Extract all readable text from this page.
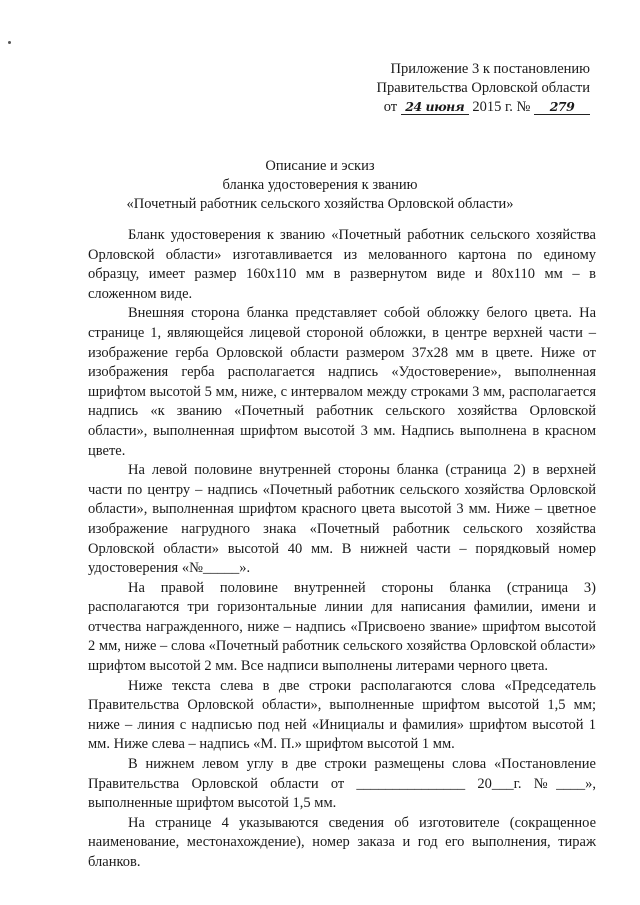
Приложение 3 к постановлению
Правительства Орловской области
от 24 июня 2015 г. № 279
Описание и эскиз
бланка удостоверения к званию
«Почетный работник сельского хозяйства Орловской области»

Бланк удостоверения к званию «Почетный работник сельского хозяйства Орловской области» изготавливается из мелованного картона по единому образцу, имеет размер 160x110 мм в развернутом виде и 80x110 мм – в сложенном виде.

Внешняя сторона бланка представляет собой обложку белого цвета. На странице 1, являющейся лицевой стороной обложки, в центре верхней части – изображение герба Орловской области размером 37x28 мм в цвете. Ниже от изображения герба располагается надпись «Удостоверение», выполненная шрифтом высотой 5 мм, ниже, с интервалом между строками 3 мм, располагается надпись «к званию «Почетный работник сельского хозяйства Орловской области», выполненная шрифтом высотой 3 мм. Надпись выполнена в красном цвете.

На левой половине внутренней стороны бланка (страница 2) в верхней части по центру – надпись «Почетный работник сельского хозяйства Орловской области», выполненная шрифтом красного цвета высотой 3 мм. Ниже – цветное изображение нагрудного знака «Почетный работник сельского хозяйства Орловской области» высотой 40 мм. В нижней части – порядковый номер удостоверения «№_____».

На правой половине внутренней стороны бланка (страница 3) располагаются три горизонтальные линии для написания фамилии, имени и отчества награжденного, ниже – надпись «Присвоено звание» шрифтом высотой 2 мм, ниже – слова «Почетный работник сельского хозяйства Орловской области» шрифтом высотой 2 мм. Все надписи выполнены литерами черного цвета.

Ниже текста слева в две строки располагаются слова «Председатель Правительства Орловской области», выполненные шрифтом высотой 1,5 мм; ниже – линия с надписью под ней «Инициалы и фамилия» шрифтом высотой 1 мм. Ниже слева – надпись «М. П.» шрифтом высотой 1 мм.

В нижнем левом углу в две строки размещены слова «Постановление Правительства Орловской области от _______________ 20___г. №____», выполненные шрифтом высотой 1,5 мм.

На странице 4 указываются сведения об изготовителе (сокращенное наименование, местонахождение), номер заказа и год его выполнения, тираж бланков.
